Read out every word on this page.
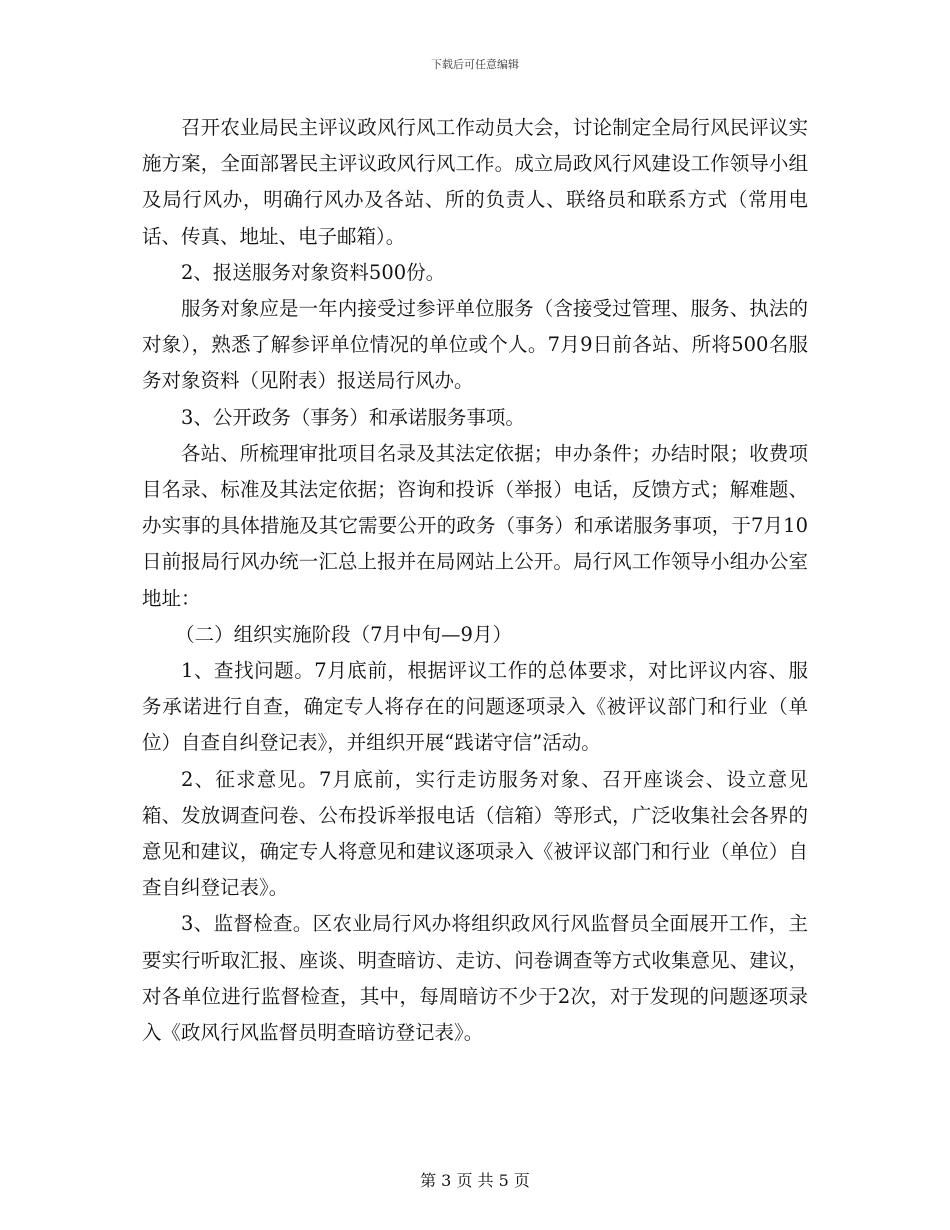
下载后可任意编辑

召开农业局民主评议政风行风工作动员大会，讨论制定全局行风民评议实施方案，全面部署民主评议政风行风工作。成立局政风行风建设工作领导小组及局行风办，明确行风办及各站、所的负责人、联络员和联系方式（常用电话、传真、地址、电子邮箱）。

2、报送服务对象资料500份。

服务对象应是一年内接受过参评单位服务（含接受过管理、服务、执法的对象），熟悉了解参评单位情况的单位或个人。7月9日前各站、所将500名服务对象资料（见附表）报送局行风办。

3、公开政务（事务）和承诺服务事项。

各站、所梳理审批项目名录及其法定依据；申办条件；办结时限；收费项目名录、标准及其法定依据；咨询和投诉（举报）电话，反馈方式；解难题、办实事的具体措施及其它需要公开的政务（事务）和承诺服务事项，于7月10日前报局行风办统一汇总上报并在局网站上公开。局行风工作领导小组办公室地址：

（二）组织实施阶段（7月中旬—9月）

1、查找问题。7月底前，根据评议工作的总体要求，对比评议内容、服务承诺进行自查，确定专人将存在的问题逐项录入《被评议部门和行业（单位）自查自纠登记表》，并组织开展“践诺守信”活动。

2、征求意见。7月底前，实行走访服务对象、召开座谈会、设立意见箱、发放调查问卷、公布投诉举报电话（信箱）等形式，广泛收集社会各界的意见和建议，确定专人将意见和建议逐项录入《被评议部门和行业（单位）自查自纠登记表》。

3、监督检查。区农业局行风办将组织政风行风监督员全面展开工作，主要实行听取汇报、座谈、明查暗访、走访、问卷调查等方式收集意见、建议，对各单位进行监督检查，其中，每周暗访不少于2次，对于发现的问题逐项录入《政风行风监督员明查暗访登记表》。

第 3 页 共 5 页
